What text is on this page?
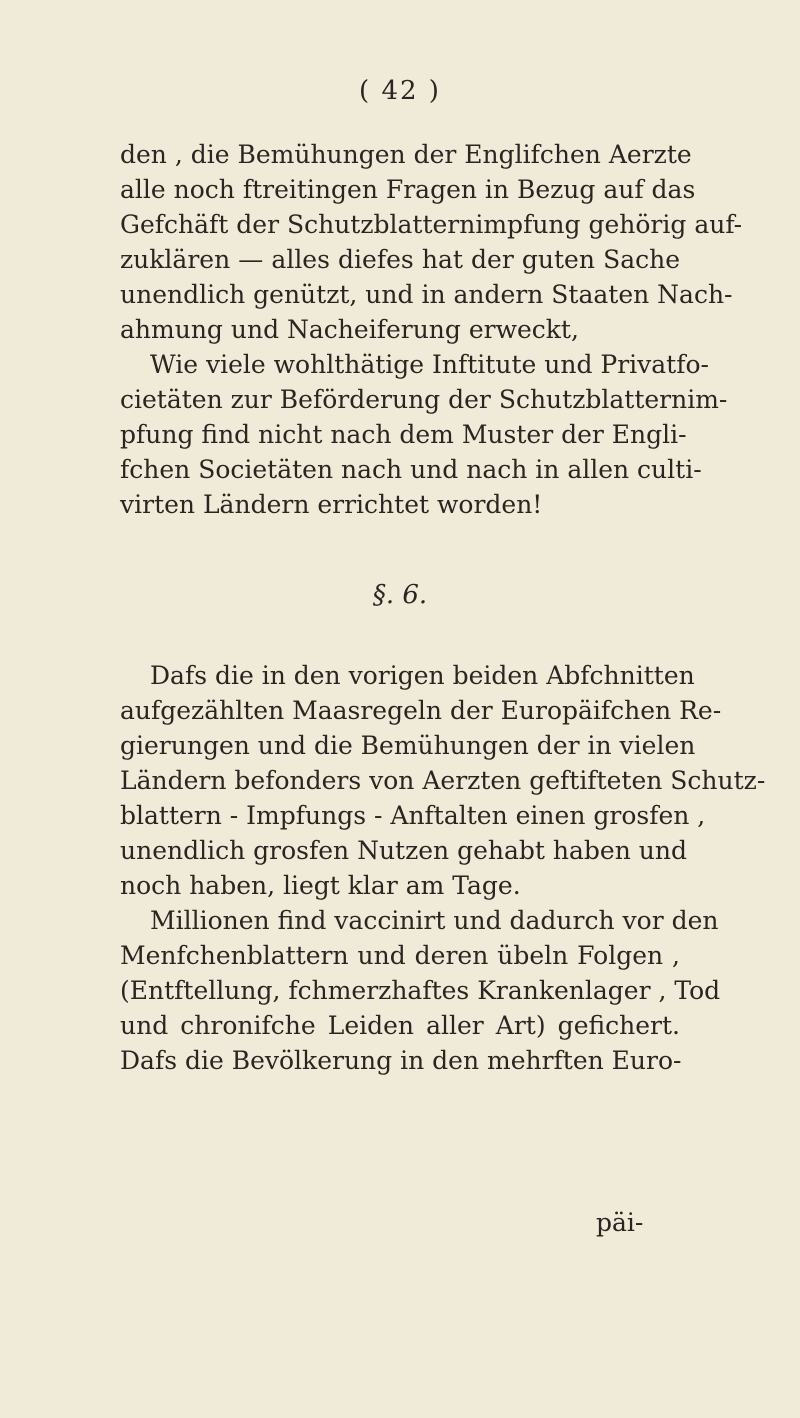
( 42 )
den , die Bemühungen der Englifchen Aerzte
alle noch ftreitingen Fragen in Bezug auf das
Gefchäft der Schutzblatternimpfung gehörig auf-
zuklären — alles diefes hat der guten Sache
unendlich genützt, und in andern Staaten Nach-
ahmung und Nacheiferung erweckt,
Wie viele wohlthätige Inftitute und Privatfo-
cietäten zur Beförderung der Schutzblatternim-
pfung find nicht nach dem Muster der Engli-
fchen Societäten nach und nach in allen culti-
virten Ländern errichtet worden!
§. 6.
Dafs die in den vorigen beiden Abfchnitten
aufgezählten Maasregeln der Europäifchen Re-
gierungen und die Bemühungen der in vielen
Ländern befonders von Aerzten geftifteten Schutz-
blattern - Impfungs - Anftalten einen grosfen ,
unendlich grosfen Nutzen gehabt haben und
noch haben, liegt klar am Tage.
Millionen find vaccinirt und dadurch vor den
Menfchenblattern und deren übeln Folgen ,
(Entftellung, fchmerzhaftes Krankenlager , Tod
und chronifche Leiden aller Art) gefichert.
Dafs die Bevölkerung in den mehrften Euro-
päi-
